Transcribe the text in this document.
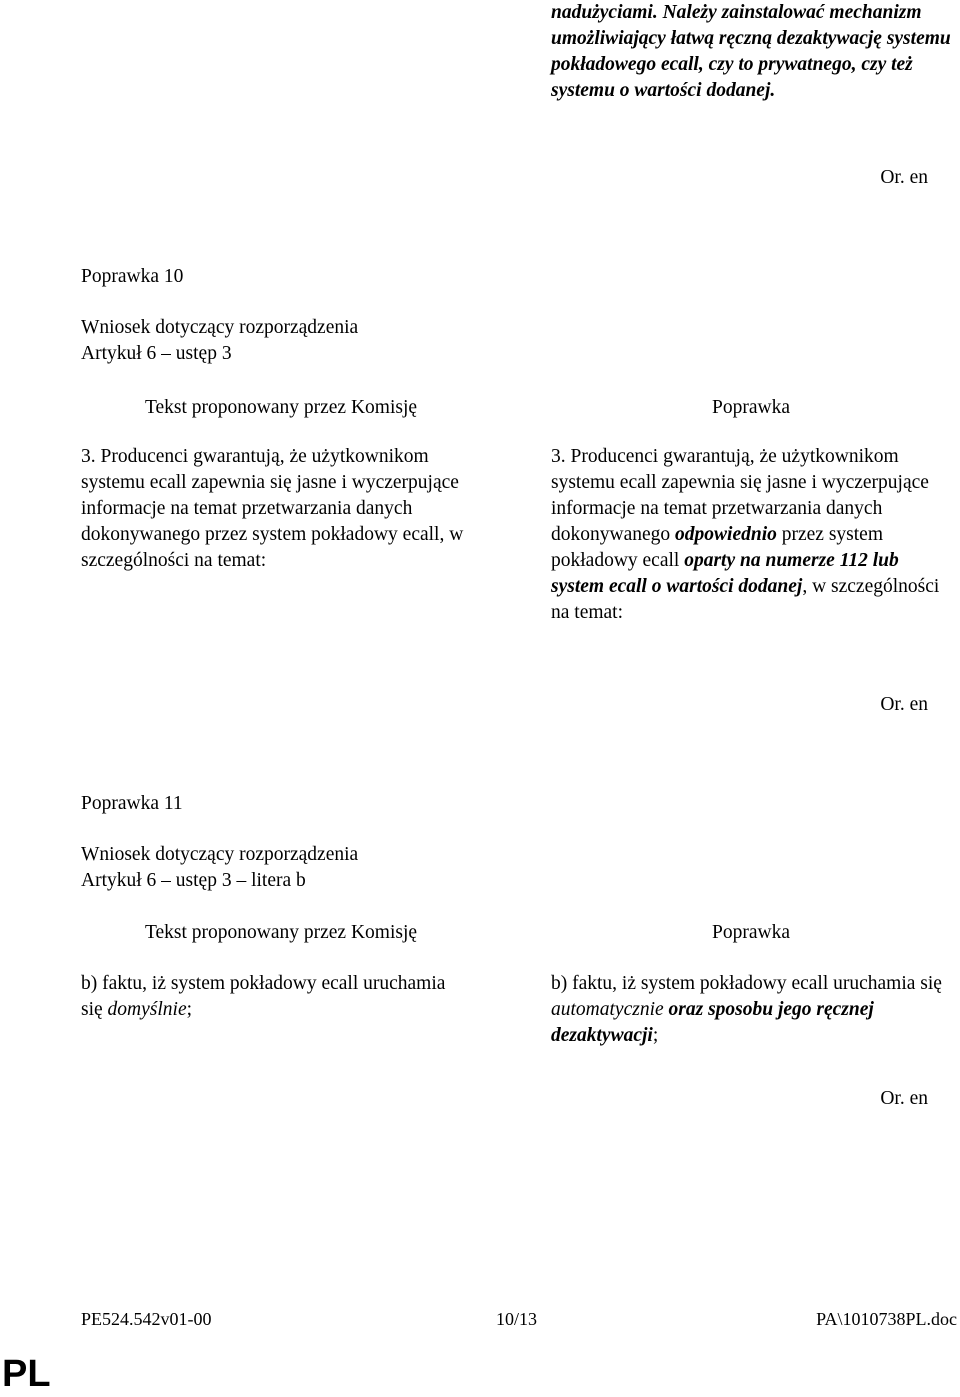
nadużyciami. Należy zainstalować mechanizm umożliwiający łatwą ręczną dezaktywację systemu pokładowego ecall, czy to prywatnego, czy też systemu o wartości dodanej.

Or. en
Poprawka 10
Wniosek dotyczący rozporządzenia
Artykuł 6 – ustęp 3
Tekst proponowany przez Komisję	Poprawka

3. Producenci gwarantują, że użytkownikom systemu ecall zapewnia się jasne i wyczerpujące informacje na temat przetwarzania danych dokonywanego przez system pokładowy ecall, w szczególności na temat:

3. Producenci gwarantują, że użytkownikom systemu ecall zapewnia się jasne i wyczerpujące informacje na temat przetwarzania danych dokonywanego odpowiednio przez system pokładowy ecall oparty na numerze 112 lub system ecall o wartości dodanej, w szczególności na temat:

Or. en
Poprawka 11
Wniosek dotyczący rozporządzenia
Artykuł 6 – ustęp 3 – litera b
Tekst proponowany przez Komisję	Poprawka

b) faktu, iż system pokładowy ecall uruchamia się domyślnie;

b) faktu, iż system pokładowy ecall uruchamia się automatycznie oraz sposobu jego ręcznej dezaktywacji;

Or. en
PE524.542v01-00	10/13	PA\1010738PL.doc
PL
